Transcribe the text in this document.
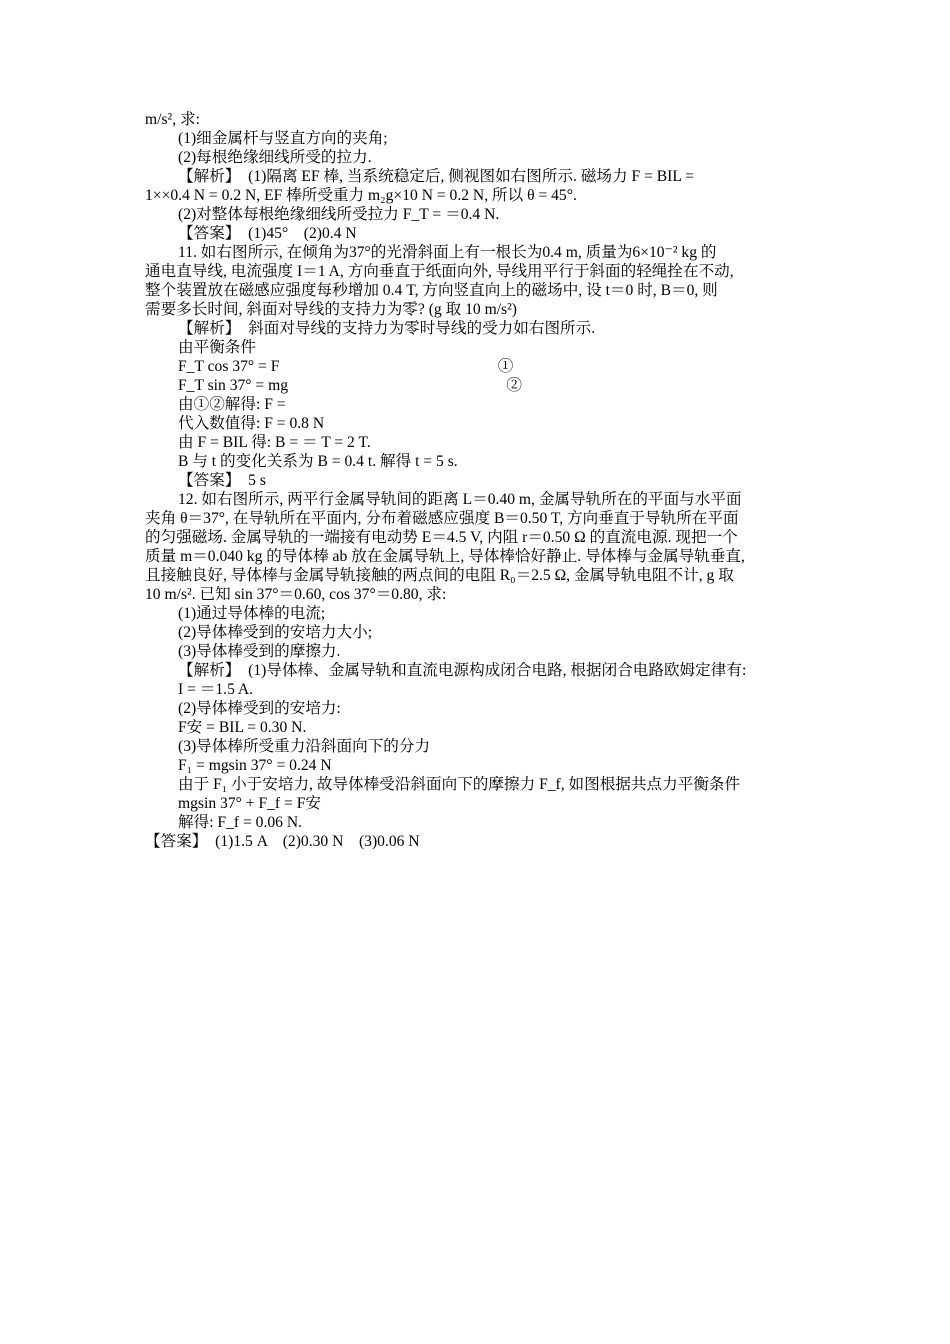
m/s², 求:
(1)细金属杆与竖直方向的夹角;
(2)每根绝缘细线所受的拉力.
【解析】　(1)隔离 EF 棒, 当系统稳定后, 侧视图如右图所示. 磁场力 F = BIL =
1××0.4 N = 0.2 N, EF 棒所受重力 m₂g×10 N = 0.2 N, 所以 θ = 45°.
(2)对整体每根绝缘细线所受拉力 F_T = ＝0.4 N.
【答案】　(1)45°　(2)0.4 N
11. 如右图所示, 在倾角为37°的光滑斜面上有一根长为0.4 m, 质量为6×10⁻² kg 的
通电直导线, 电流强度 I＝1 A, 方向垂直于纸面向外, 导线用平行于斜面的轻绳拴在不动,
整个装置放在磁感应强度每秒增加 0.4 T, 方向竖直向上的磁场中, 设 t＝0 时, B＝0, 则
需要多长时间, 斜面对导线的支持力为零? (g 取 10 m/s²)
【解析】　斜面对导线的支持力为零时导线的受力如右图所示.
由平衡条件
F_T cos 37° = F　　　　　　　　　　　　　　①
F_T sin 37° = mg　　　　　　　　　　　　　　②
由①②解得: F =
代入数值得: F = 0.8 N
由 F = BIL 得: B = ＝ T = 2 T.
B 与 t 的变化关系为 B = 0.4 t. 解得 t = 5 s.
【答案】　5 s
12. 如右图所示, 两平行金属导轨间的距离 L＝0.40 m, 金属导轨所在的平面与水平面
夹角 θ＝37°, 在导轨所在平面内, 分布着磁感应强度 B＝0.50 T, 方向垂直于导轨所在平面
的匀强磁场. 金属导轨的一端接有电动势 E＝4.5 V, 内阻 r＝0.50 Ω 的直流电源. 现把一个
质量 m＝0.040 kg 的导体棒 ab 放在金属导轨上, 导体棒恰好静止. 导体棒与金属导轨垂直,
且接触良好, 导体棒与金属导轨接触的两点间的电阻 R₀＝2.5 Ω, 金属导轨电阻不计, g 取
10 m/s². 已知 sin 37°＝0.60, cos 37°＝0.80, 求:
(1)通过导体棒的电流;
(2)导体棒受到的安培力大小;
(3)导体棒受到的摩擦力.
【解析】　(1)导体棒、金属导轨和直流电源构成闭合电路, 根据闭合电路欧姆定律有:
I = ＝1.5 A.
(2)导体棒受到的安培力:
F安 = BIL = 0.30 N.
(3)导体棒所受重力沿斜面向下的分力
F₁ = mgsin 37° = 0.24 N
由于 F₁ 小于安培力, 故导体棒受沿斜面向下的摩擦力 F_f, 如图根据共点力平衡条件
mgsin 37° + F_f = F安
解得: F_f = 0.06 N.
【答案】　(1)1.5 A　(2)0.30 N　(3)0.06 N
